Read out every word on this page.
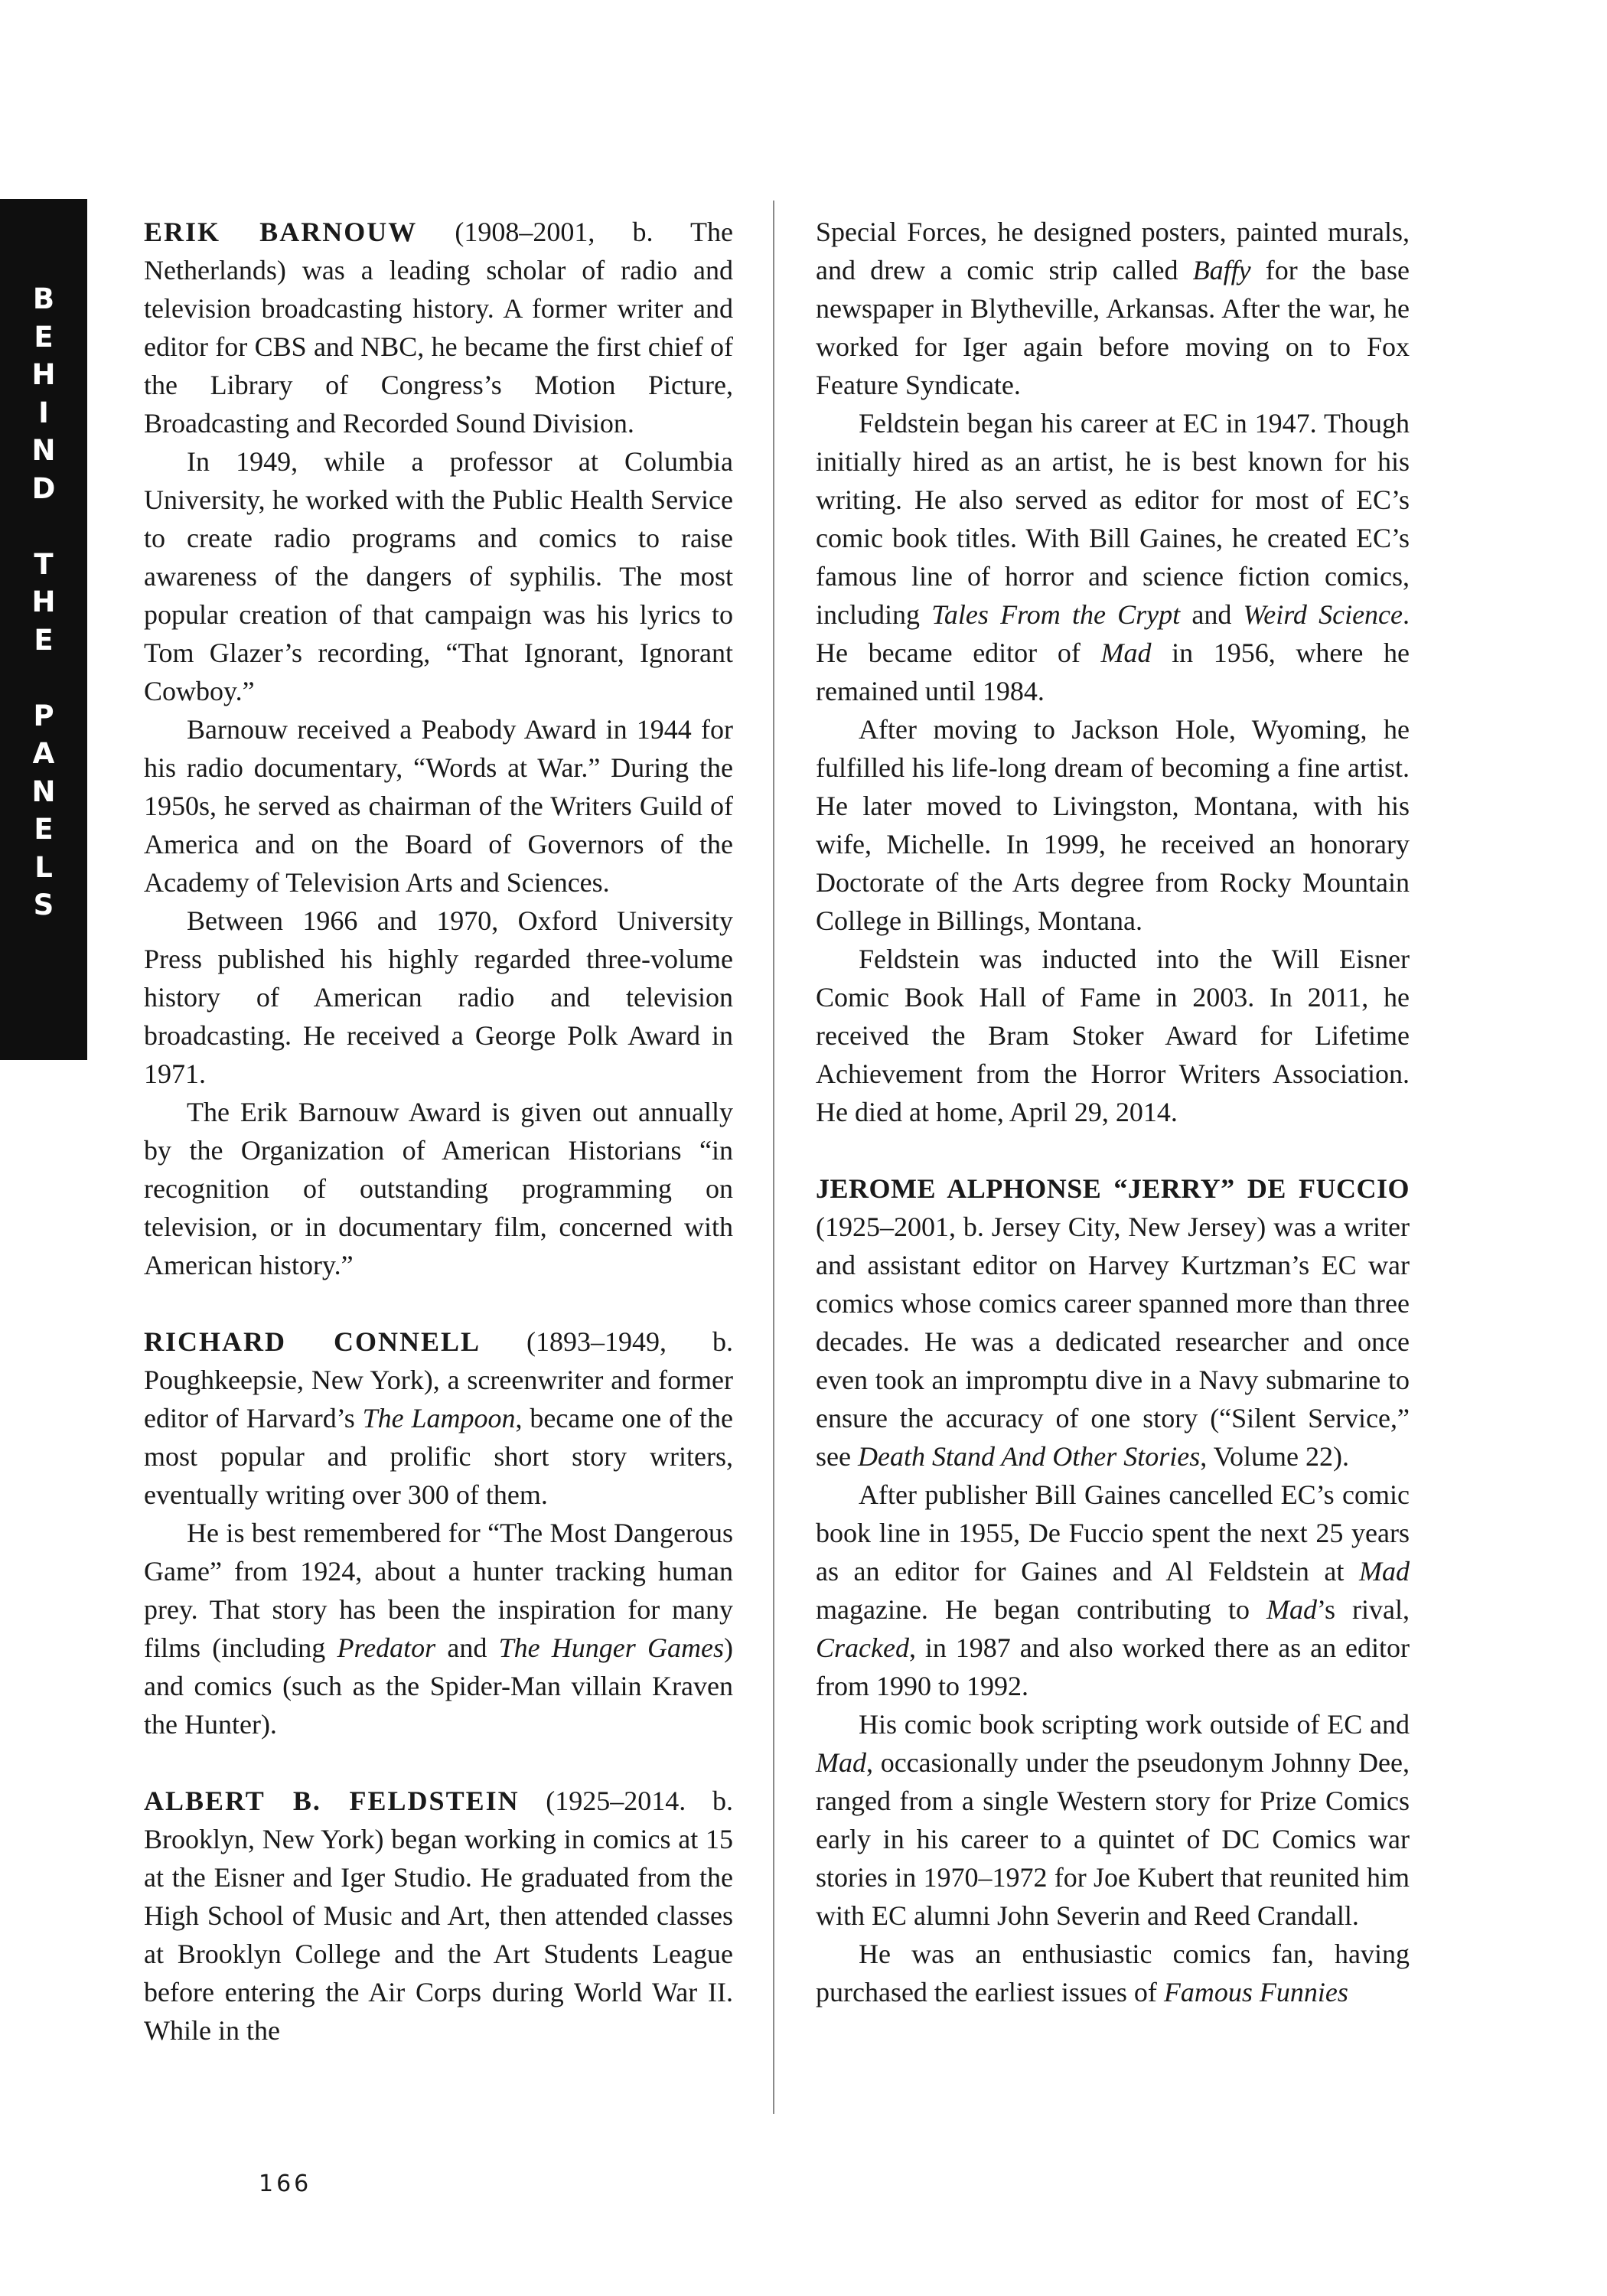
B
E
H
I
N
D
T
H
E
P
A
N
E
L
S

ERIK BARNOUW (1908–2001, b. The Netherlands) was a leading scholar of radio and television broadcasting history. A former writer and editor for CBS and NBC, he became the first chief of the Library of Congress’s Motion Picture, Broadcasting and Recorded Sound Division.

In 1949, while a professor at Columbia University, he worked with the Public Health Service to create radio programs and comics to raise awareness of the dangers of syphilis. The most popular creation of that campaign was his lyrics to Tom Glazer’s recording, “That Ignorant, Ignorant Cowboy.”

Barnouw received a Peabody Award in 1944 for his radio documentary, “Words at War.” During the 1950s, he served as chairman of the Writers Guild of America and on the Board of Governors of the Academy of Television Arts and Sciences.

Between 1966 and 1970, Oxford University Press published his highly regarded three-volume history of American radio and television broadcasting. He received a George Polk Award in 1971.

The Erik Barnouw Award is given out annually by the Organization of American Historians “in recognition of outstanding programming on television, or in documentary film, concerned with American history.”

RICHARD CONNELL (1893–1949, b. Poughkeepsie, New York), a screenwriter and former editor of Harvard’s The Lampoon, became one of the most popular and prolific short story writers, eventually writing over 300 of them.

He is best remembered for “The Most Dangerous Game” from 1924, about a hunter tracking human prey. That story has been the inspiration for many films (including Predator and The Hunger Games) and comics (such as the Spider-Man villain Kraven the Hunter).

ALBERT B. FELDSTEIN (1925–2014. b. Brooklyn, New York) began working in comics at 15 at the Eisner and Iger Studio. He graduated from the High School of Music and Art, then attended classes at Brooklyn College and the Art Students League before entering the Air Corps during World War II. While in the

Special Forces, he designed posters, painted murals, and drew a comic strip called Baffy for the base newspaper in Blytheville, Arkansas. After the war, he worked for Iger again before moving on to Fox Feature Syndicate.

Feldstein began his career at EC in 1947. Though initially hired as an artist, he is best known for his writing. He also served as editor for most of EC’s comic book titles. With Bill Gaines, he created EC’s famous line of horror and science fiction comics, including Tales From the Crypt and Weird Science. He became editor of Mad in 1956, where he remained until 1984.

After moving to Jackson Hole, Wyoming, he fulfilled his life-long dream of becoming a fine artist. He later moved to Livingston, Montana, with his wife, Michelle. In 1999, he received an honorary Doctorate of the Arts degree from Rocky Mountain College in Billings, Montana.

Feldstein was inducted into the Will Eisner Comic Book Hall of Fame in 2003. In 2011, he received the Bram Stoker Award for Lifetime Achievement from the Horror Writers Association. He died at home, April 29, 2014.

JEROME ALPHONSE “JERRY” DE FUCCIO (1925–2001, b. Jersey City, New Jersey) was a writer and assistant editor on Harvey Kurtzman’s EC war comics whose comics career spanned more than three decades. He was a dedicated researcher and once even took an impromptu dive in a Navy submarine to ensure the accuracy of one story (“Silent Service,” see Death Stand And Other Stories, Volume 22).

After publisher Bill Gaines cancelled EC’s comic book line in 1955, De Fuccio spent the next 25 years as an editor for Gaines and Al Feldstein at Mad magazine. He began contributing to Mad’s rival, Cracked, in 1987 and also worked there as an editor from 1990 to 1992.

His comic book scripting work outside of EC and Mad, occasionally under the pseudonym Johnny Dee, ranged from a single Western story for Prize Comics early in his career to a quintet of DC Comics war stories in 1970–1972 for Joe Kubert that reunited him with EC alumni John Severin and Reed Crandall.

He was an enthusiastic comics fan, having purchased the earliest issues of Famous Funnies

166
